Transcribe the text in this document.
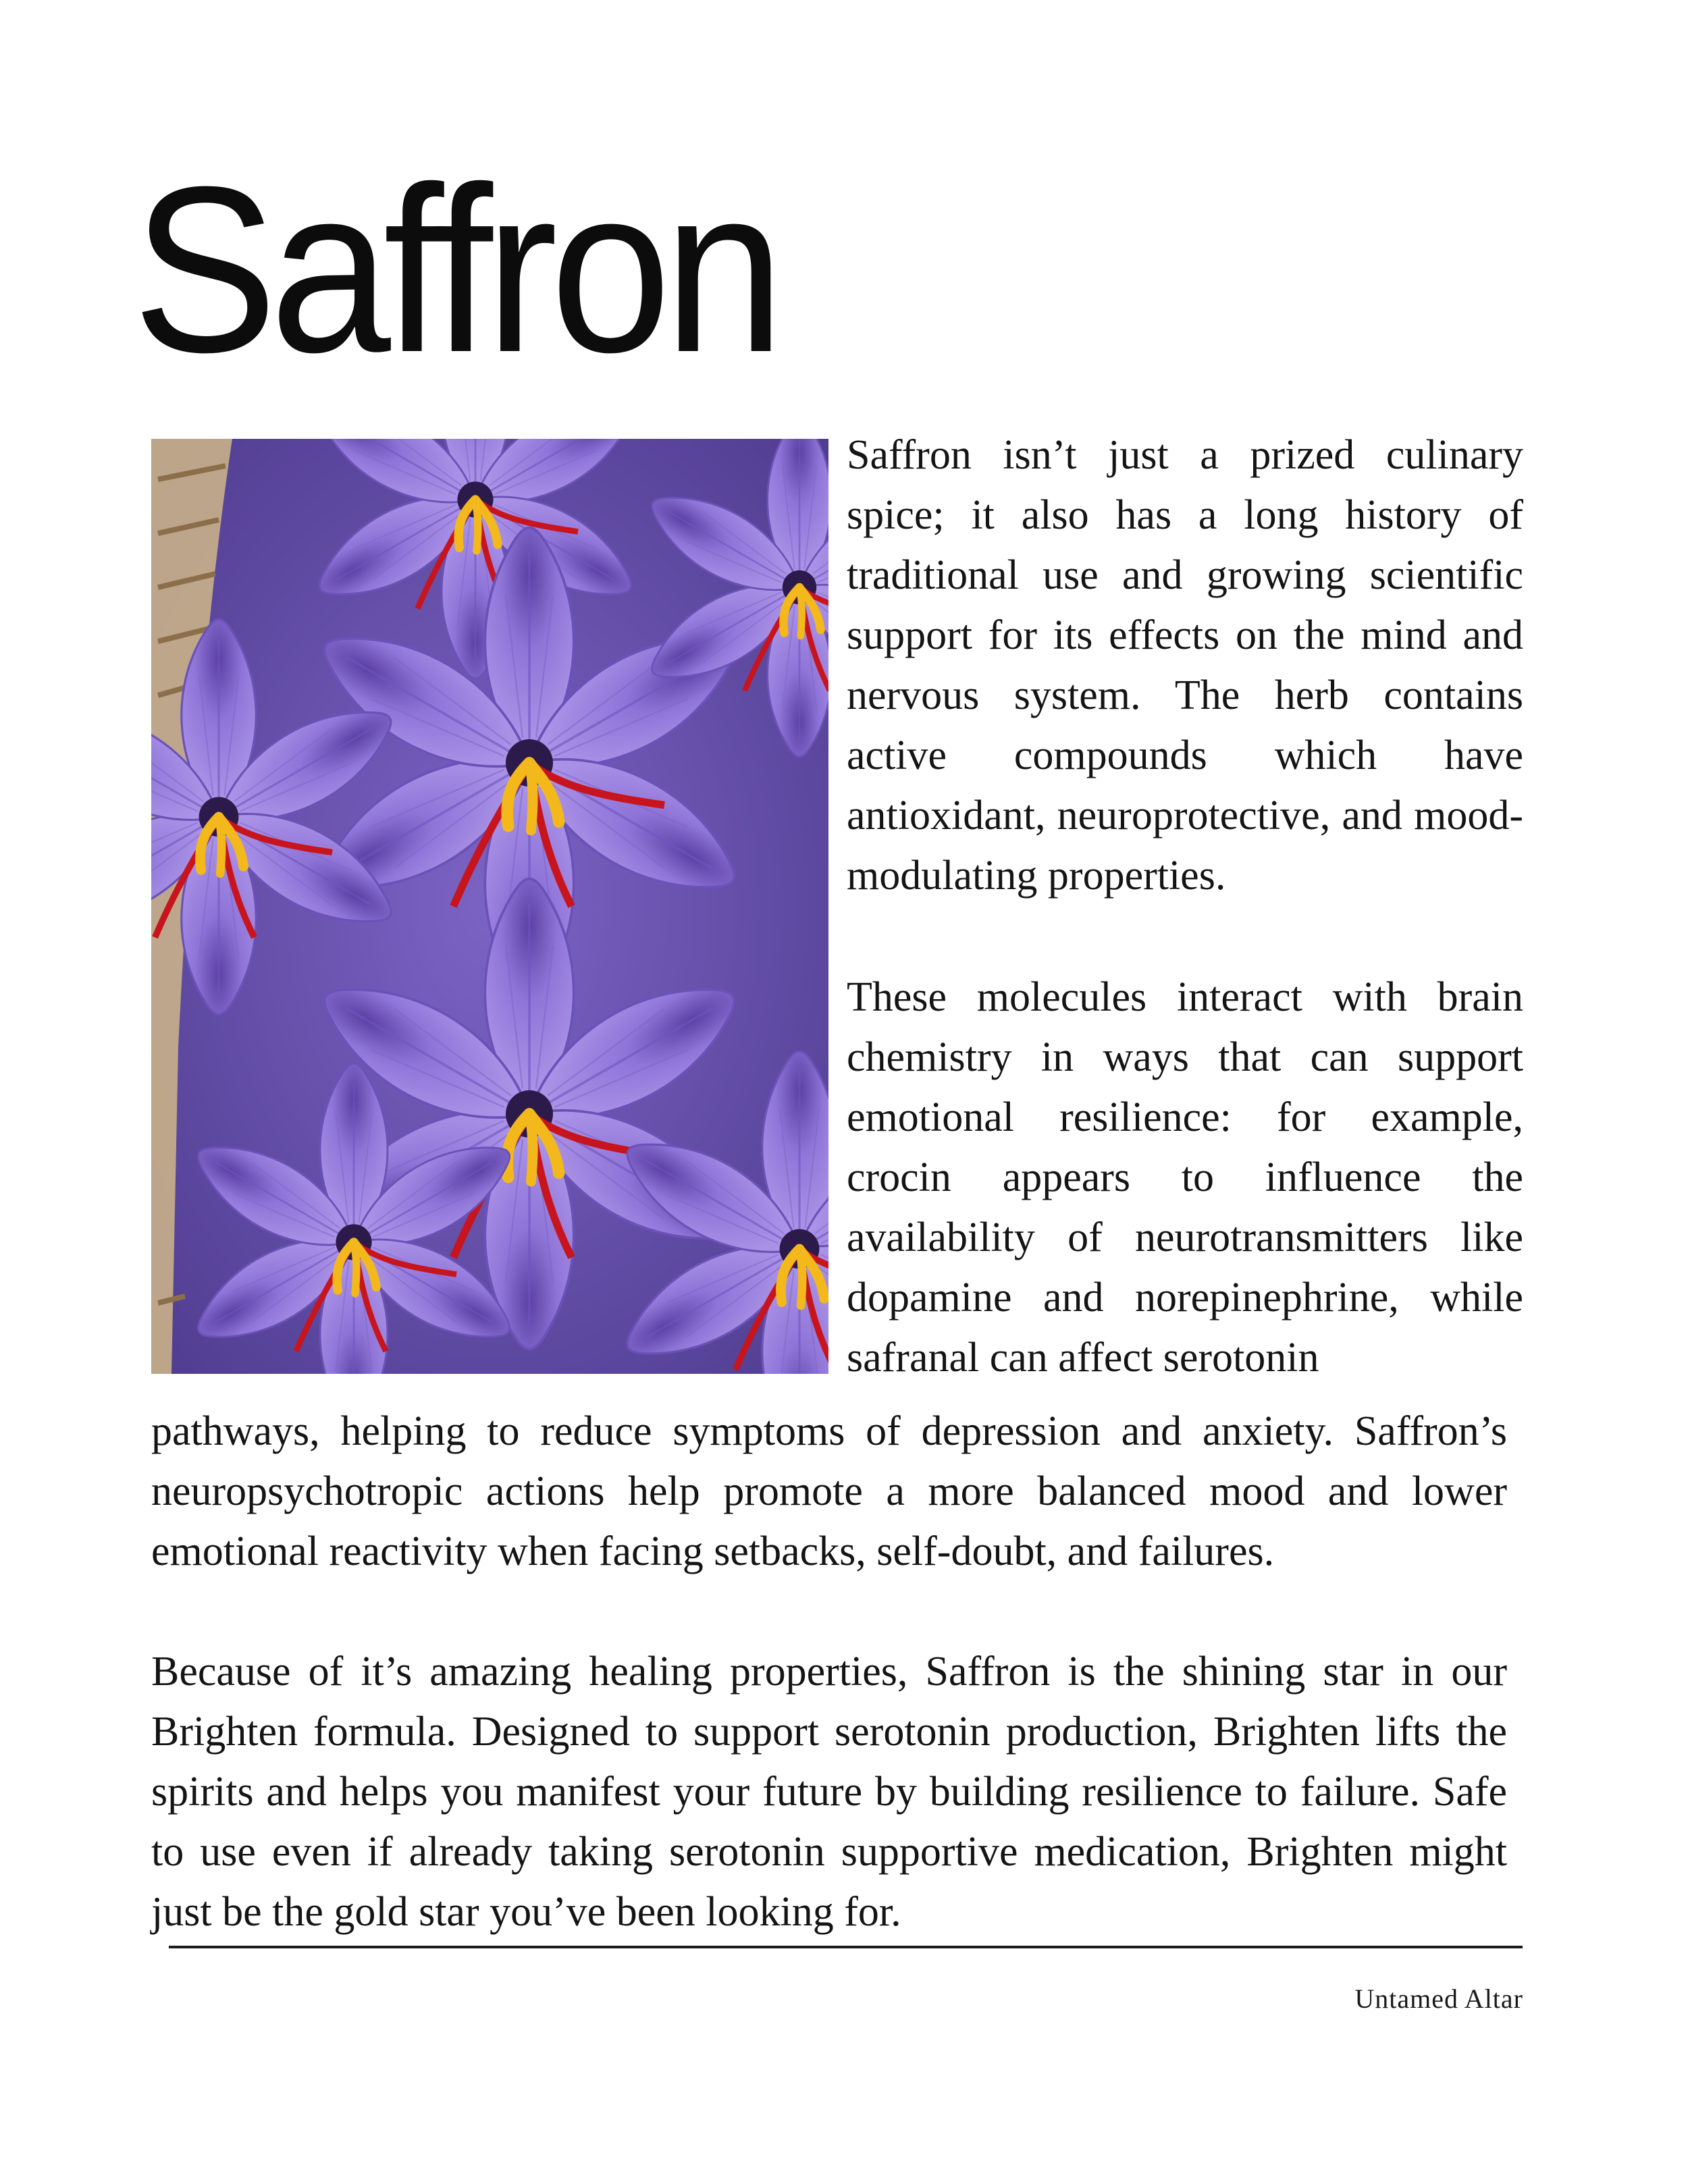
Saffron

Saffron isn’t just a prized culinary spice; it also has a long history of traditional use and growing scientific support for its effects on the mind and nervous system. The herb contains active compounds which have antioxidant, neuroprotective, and mood-modulating properties.

These molecules interact with brain chemistry in ways that can support emotional resilience: for example, crocin appears to influence the availability of neurotransmitters like dopamine and norepinephrine, while safranal can affect serotonin

pathways, helping to reduce symptoms of depression and anxiety. Saffron’s neuropsychotropic actions help promote a more balanced mood and lower emotional reactivity when facing setbacks, self-doubt, and failures.

Because of it’s amazing healing properties, Saffron is the shining star in our Brighten formula. Designed to support serotonin production, Brighten lifts the spirits and helps you manifest your future by building resilience to failure. Safe to use even if already taking serotonin supportive medication, Brighten might just be the gold star you’ve been looking for.

Untamed Altar
